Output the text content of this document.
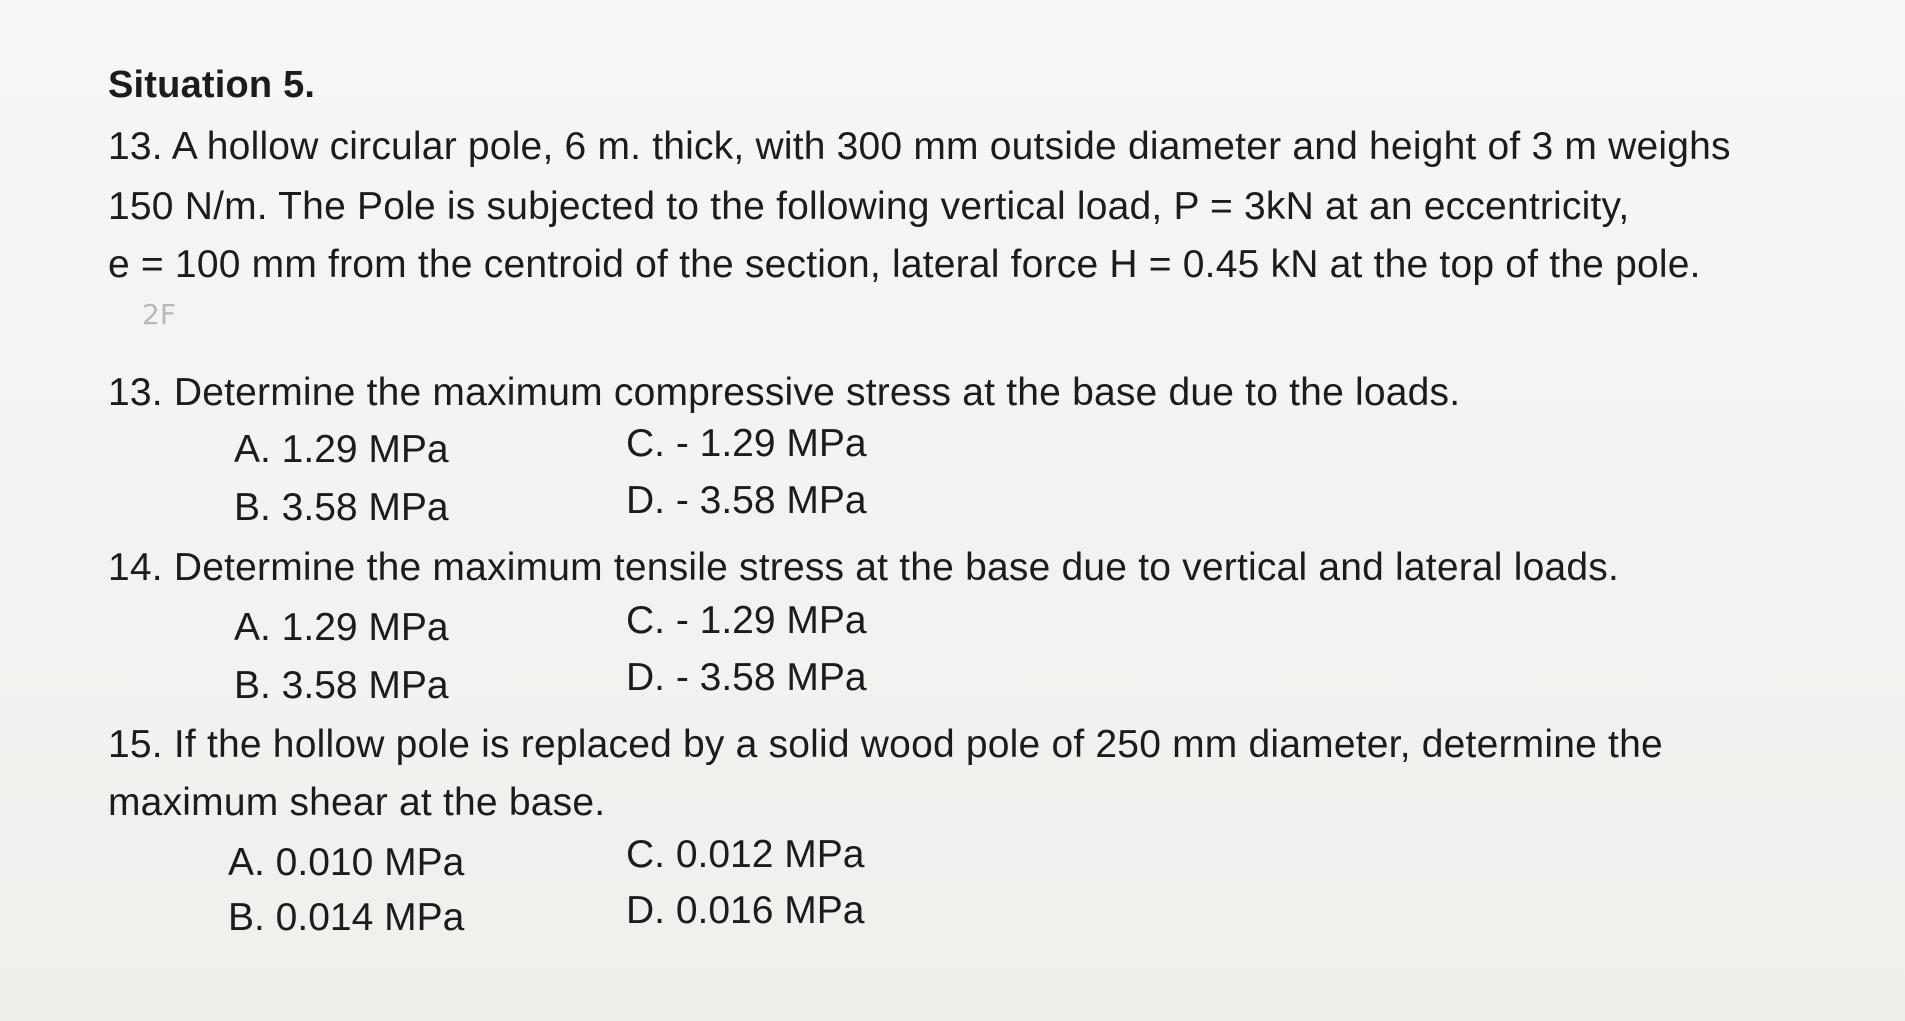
Situation 5.
13. A hollow circular pole, 6 m. thick, with 300 mm outside diameter and height of 3 m weighs
150 N/m. The Pole is subjected to the following vertical load, P = 3kN at an eccentricity,
e = 100 mm from the centroid of the section, lateral force H = 0.45 kN at the top of the pole.
2F
13. Determine the maximum compressive stress at the base due to the loads.
A. 1.29 MPa	C. - 1.29 MPa
B. 3.58 MPa	D. - 3.58 MPa
14. Determine the maximum tensile stress at the base due to vertical and lateral loads.
A. 1.29 MPa	C. - 1.29 MPa
B. 3.58 MPa	D. - 3.58 MPa
15. If the hollow pole is replaced by a solid wood pole of 250 mm diameter, determine the
maximum shear at the base.
A. 0.010 MPa	C. 0.012 MPa
B. 0.014 MPa	D. 0.016 MPa
